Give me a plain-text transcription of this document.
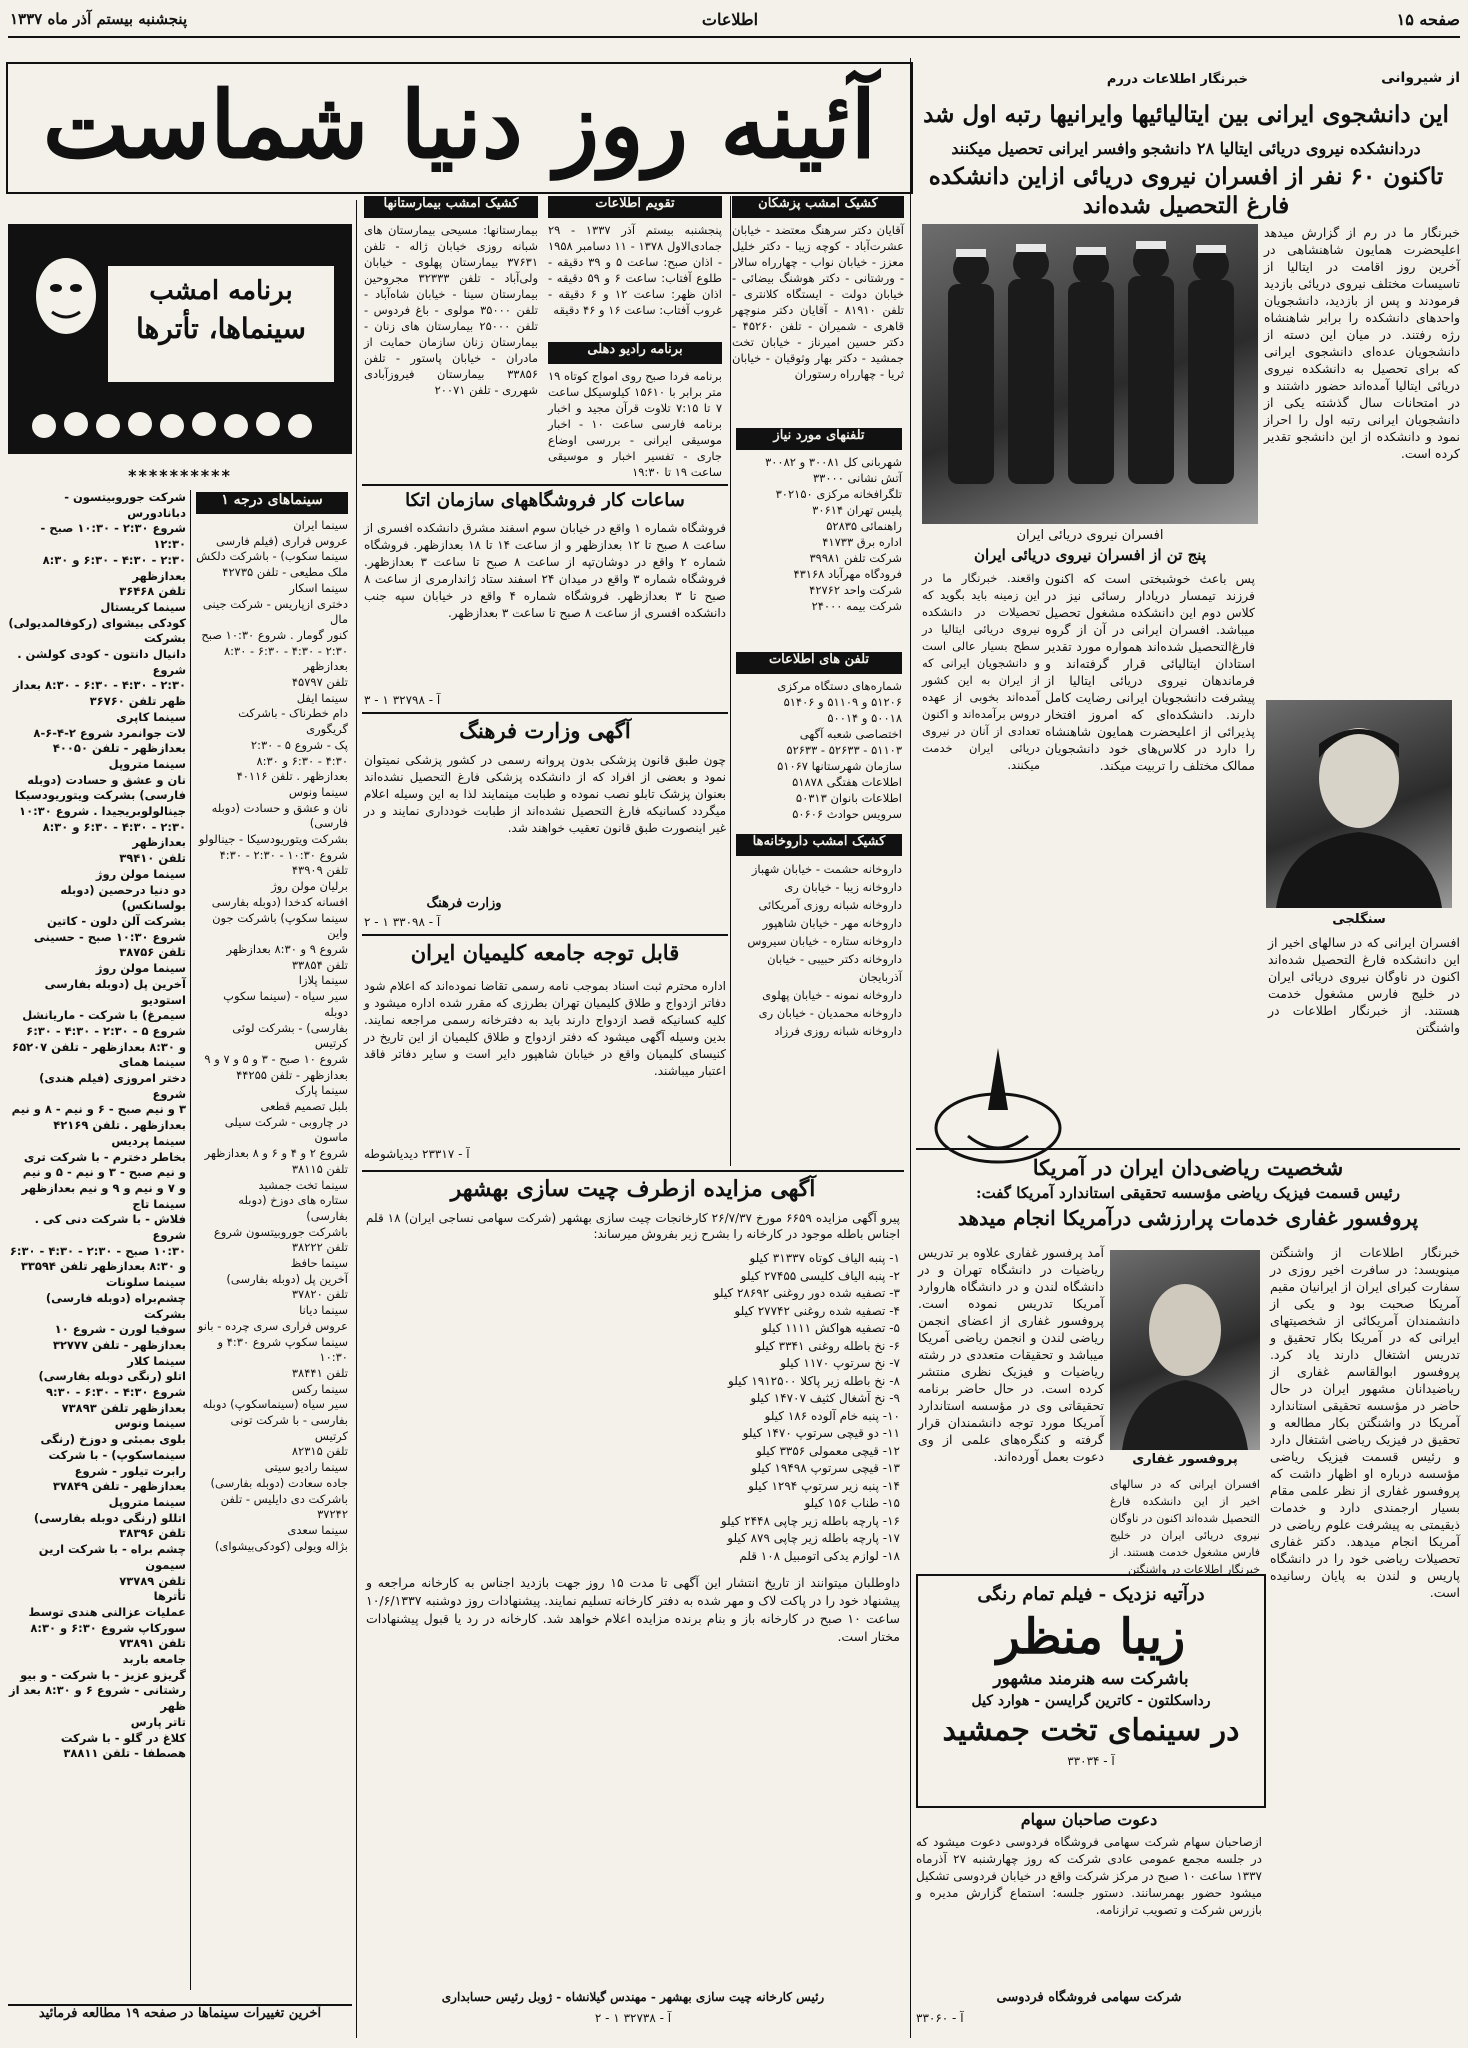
صفحه ۱۵
اطلاعات
پنجشنبه بیستم آذر ماه ۱۳۳۷
آئینه روز دنیا شماست	از شیروانی
خبرنگار اطلاعات دررم
این دانشجوی ایرانی بین ایتالیائیها وایرانیها رتبه اول شد
دردانشکده نیروی دریائی ایتالیا ۲۸ دانشجو وافسر ایرانی تحصیل میکنند
تاکنون ۶۰ نفر از افسران نیروی دریائی ازاین دانشکده فارغ التحصیل شده‌اند
افسران نیروی دریائی ایران
پنج تن از افسران نیروی دریائی ایران
خبرنگار ما در رم از گزارش میدهد اعلیحضرت همایون شاهنشاهی در آخرین روز اقامت در ایتالیا از تاسیسات مختلف نیروی دریائی بازدید فرمودند و پس از بازدید، دانشجویان واحدهای دانشکده را برابر شاهنشاه رژه رفتند. در میان این دسته از دانشجویان عده‌ای دانشجوی ایرانی که برای تحصیل به دانشکده نیروی دریائی ایتالیا آمده‌اند حضور داشتند و در امتحانات سال گذشته یکی از دانشجویان ایرانی رتبه اول را احراز نمود و دانشکده از این دانشجو تقدیر کرده است.
پس باعث خوشبختی است که اکنون فرزند تیمسار دریادار رسائی نیز در کلاس دوم این دانشکده مشغول تحصیل میباشد. افسران ایرانی در آن از گروه فارغ‌التحصیل شده‌اند همواره مورد تقدیر استادان ایتالیائی قرار گرفته‌اند و فرماندهان نیروی دریائی ایتالیا از پیشرفت دانشجویان ایرانی رضایت کامل دارند. دانشکده‌ای که امروز افتخار پذیرائی از اعلیحضرت همایون شاهنشاه را دارد در کلاس‌های خود دانشجویان ممالک مختلف را تربیت میکند.
واقعند. خبرنگار ما در این زمینه باید بگوید که تحصیلات در دانشکده نیروی دریائی ایتالیا در سطح بسیار عالی است و دانشجویان ایرانی که از ایران به این کشور آمده‌اند بخوبی از عهده دروس برآمده‌اند و اکنون تعدادی از آنان در نیروی دریائی ایران خدمت میکنند.
سنگلجی
افسران ایرانی که در سالهای اخیر از این دانشکده فارغ التحصیل شده‌اند اکنون در ناوگان نیروی دریائی ایران در خلیج فارس مشغول خدمت هستند. از خبرنگار اطلاعات در واشنگتن
شخصیت ریاضی‌دان ایران در آمریکا
رئیس قسمت فیزیک ریاضی مؤسسه تحقیقی استاندارد آمریکا گفت:
پروفسور غفاری خدمات پرارزشی درآمریکا انجام میدهد
پروفسور غفاری
خبرنگار اطلاعات از واشنگتن مینویسد: در سافرت اخیر روزی در سفارت کبرای ایران از ایرانیان مقیم آمریکا صحبت بود و یکی از دانشمندان آمریکائی از شخصیتهای ایرانی که در آمریکا بکار تحقیق و تدریس اشتغال دارند یاد کرد. پروفسور ابوالقاسم غفاری از ریاضیدانان مشهور ایران در حال حاضر در مؤسسه تحقیقی استاندارد آمریکا در واشنگتن بکار مطالعه و تحقیق در فیزیک ریاضی اشتغال دارد و رئیس قسمت فیزیک ریاضی مؤسسه درباره او اظهار داشت که پروفسور غفاری از نظر علمی مقام بسیار ارجمندی دارد و خدمات ذیقیمتی به پیشرفت علوم ریاضی در آمریکا انجام میدهد. دکتر غفاری تحصیلات ریاضی خود را در دانشگاه پاریس و لندن به پایان رسانیده است.
آمد پرفسور غفاری علاوه بر تدریس ریاضیات در دانشگاه تهران و در دانشگاه لندن و در دانشگاه هاروارد آمریکا تدریس نموده است. پروفسور غفاری از اعضای انجمن ریاضی لندن و انجمن ریاضی آمریکا میباشد و تحقیقات متعددی در رشته ریاضیات و فیزیک نظری منتشر کرده است. در حال حاضر برنامه تحقیقاتی وی در مؤسسه استاندارد آمریکا مورد توجه دانشمندان قرار گرفته و کنگره‌های علمی از وی دعوت بعمل آورده‌اند.
افسران ایرانی که در سالهای اخیر از این دانشکده فارغ التحصیل شده‌اند اکنون در ناوگان نیروی دریائی ایران در خلیج فارس مشغول خدمت هستند. از خبرنگار اطلاعات در واشنگتن
درآتیه نزدیک - فیلم تمام رنگی
زیبا منظر
باشرکت سه هنرمند مشهور
رداسکلتون - کاترین گرایسن - هوارد کیل
در سینمای تخت جمشید
آ - ۳۳۰۳۴
دعوت صاحبان سهام
ازصاحبان سهام شرکت سهامی فروشگاه فردوسی دعوت میشود که در جلسه مجمع عمومی عادی شرکت که روز چهارشنبه ۲۷ آذرماه ۱۳۳۷ ساعت ۱۰ صبح در مرکز شرکت واقع در خیابان فردوسی تشکیل میشود حضور بهمرسانند. دستور جلسه: استماع گزارش مدیره و بازرس شرکت و تصویب ترازنامه.
شرکت سهامی فروشگاه فردوسی
آ - ۳۳۰۶۰
برنامه امشب
سینماها، تأترها
**********
سینماهای درجه ۱
شرکت جوروبیتسون - دبانادورس
شروع ۲:۳۰ - ۱۰:۳۰ صبح - ۱۲:۳۰
۲:۳۰ - ۴:۳۰ - ۶:۳۰ و ۸:۳۰ بعدازظهر
تلفن ۳۶۴۶۸
سینما کریستال
کودکی بیشوای (رکوفالمدیولی) بشرکت
دانیال دانتون - کودی کولشن . شروع
۲:۳۰ - ۴:۳۰ - ۶:۳۰ - ۸:۳۰ بعداز
ظهر تلفن ۳۶۷۶۰
سینما کاپری
لات جوانمرد شروع ۲-۴-۶-۸
بعدازظهر - تلفن ۴۰۰۵۰
سینما متروپل
نان و عشق و حسادت (دوبله
فارسی) بشرکت ویتوریودسیکا
جینالولوبریجیدا . شروع ۱۰:۳۰
۲:۳۰ - ۴:۳۰ - ۶:۳۰ و ۸:۳۰ بعدازظهر
تلفن ۳۹۴۱۰
سینما مولن روژ
دو دنیا درحصین (دوبله بولسانکس)
بشرکت آلن دلون - کاتین
شروع ۱۰:۳۰ صبح - حسینی
تلفن ۳۸۷۵۶
سینما مولن روژ
آخرین پل (دوبله بفارسی استودیو
سیمرغ) با شرکت - ماریانشل
شروع ۵ - ۲:۳۰ - ۴:۳۰ - ۶:۳۰
و ۸:۳۰ بعدازظهر - تلفن ۶۵۲۰۷
سینما همای
دختر امروزی (فیلم هندی) شروع
۳ و نیم صبح - ۶ و نیم - ۸ و نیم
بعدازظهر . تلفن ۴۲۱۶۹
سینما پردیس
بخاطر دخترم - با شرکت تری
و نیم صبح - ۳ و نیم - ۵ و نیم
و ۷ و نیم و ۹ و نیم بعدازظهر
سینما تاج
فلاش - با شرکت دنی کی . شروع
۱۰:۳۰ صبح - ۲:۳۰ - ۴:۳۰ - ۶:۳۰
و ۸:۳۰ بعدازظهر تلفن ۳۳۵۹۴
سینما سلونات
چشم‌براه (دوبله فارسی) بشرکت
سوفیا لورن - شروع ۱۰
بعدازظهر - تلفن ۳۲۷۷۷
سینما کلار
اتلو (رنگی دوبله بفارسی)
شروع ۴:۳۰ - ۶:۳۰ - ۹:۳۰
بعدازظهر تلفن ۷۳۸۹۳
سینما ونوس
بلوی بمبئی و دوزخ (رنگی
سینماسکوپ) - با شرکت
رابرت تیلور - شروع
بعدازظهر - تلفن ۳۷۸۴۹
سینما متروپل
اتللو (رنگی دوبله بفارسی)
تلفن ۳۸۳۹۶
چشم براه - با شرکت ارین سیمون
تلفن ۷۳۷۸۹
تأترها
عملیات عزالنی هندی توسط
سورکاپ شروع ۶:۳۰ و ۸:۳۰
تلفن ۷۳۸۹۱
جامعه باربد
گریزو عزیز - با شرکت - و بیو
رشتانی - شروع ۶ و ۸:۳۰ بعد از ظهر
تاتر پارس
کلاغ در گلو - با شرکت
هصطفا - تلفن ۳۸۸۱۱
سینما ایران
عروس فراری (فیلم فارسی
سینما سکوب) - باشرکت دلکش
ملک مطیعی - تلفن ۴۲۷۳۵
سینما اسکار
دختری ازپاریس - شرکت جینی مال
کنور گومار . شروع ۱۰:۳۰ صبح
۲:۳۰ - ۴:۳۰ - ۶:۳۰ - ۸:۳۰ بعدازظهر
تلفن ۴۵۷۹۷
سینما ایفل
دام خطرناک - باشرکت گریگوری
پک - شروع ۵ - ۲:۳۰
۴:۳۰ - ۶:۳۰ و ۸:۳۰
بعدازظهر . تلفن ۴۰۱۱۶
سینما ونوس
نان و عشق و حسادت (دوبله فارسی)
بشرکت ویتوریودسیکا - جینالولو
شروع ۱۰:۳۰ - ۲:۳۰ - ۴:۳۰
تلفن ۴۳۹۰۹
برلیان مولن روژ
افسانه کدخدا (دوبله بفارسی
سینما سکوپ) باشرکت جون واین
شروع ۹ و ۸:۳۰ بعدازظهر
تلفن ۳۳۸۵۴
سینما پلازا
سیر سیاه - (سینما سکوپ دوبله
بفارسی) - بشرکت لوئی کرتیس
شروع ۱۰ صبح - ۳ و ۵ و ۷ و ۹
بعدازظهر - تلفن ۴۴۲۵۵
سینما پارک
بلبل تصمیم قطعی
در چاروبی - شرکت سیلی ماسون
شروع ۲ و ۴ و ۶ و ۸ بعدازظهر
تلفن ۳۸۱۱۵
سینما تخت جمشید
ستاره های دوزخ (دوبله بفارسی)
باشرکت جوروبیتسون شروع
تلفن ۳۸۲۲۲
سینما حافظ
آخرین پل (دوبله بفارسی)
تلفن ۳۷۸۲۰
سینما دیانا
عروس فراری سری چرده - بانو
سینما سکوپ شروع ۴:۳۰ و ۱۰:۳۰
تلفن ۳۸۴۴۱
سینما رکس
سیر سیاه (سینماسکوپ) دوبله
بفارسی - با شرکت تونی کرتیس
تلفن ۸۲۳۱۵
سینما رادیو سیتی
جاده سعادت (دوبله بفارسی)
باشرکت دی دایلیس - تلفن ۳۷۲۴۲
سینما سعدی
بژاله ویولی (کودکی‌بیشوای)
آخرین تغییرات سینماها در صفحه ۱۹ مطالعه فرمائید
کشیک امشب بیمارستانها
بیمارستانها: مسیحی بیمارستان های شبانه روزی خیابان ژاله - تلفن ۳۷۶۳۱ بیمارستان پهلوی - خیابان ولی‌آباد - تلفن ۳۲۳۳۳ مجروحین بیمارستان سینا - خیابان شاه‌آباد - تلفن ۳۵۰۰۰ مولوی - باغ فردوس - تلفن ۲۵۰۰۰ بیمارستان های زنان - بیمارستان زنان سازمان حمایت از مادران - خیابان پاستور - تلفن ۳۳۸۵۶ بیمارستان فیروزآبادی شهرری - تلفن ۲۰۰۷۱
تقویم اطلاعات
پنجشنبه بیستم آذر ۱۳۳۷ - ۲۹ جمادی‌الاول ۱۳۷۸ - ۱۱ دسامبر ۱۹۵۸ - اذان صبح: ساعت ۵ و ۳۹ دقیقه - طلوع آفتاب: ساعت ۶ و ۵۹ دقیقه - اذان ظهر: ساعت ۱۲ و ۶ دقیقه - غروب آفتاب: ساعت ۱۶ و ۴۶ دقیقه
برنامه رادیو دهلی
برنامه فردا صبح روی امواج کوتاه ۱۹ متر برابر با ۱۵۶۱۰ کیلوسیکل ساعت ۷ تا ۷:۱۵ تلاوت قرآن مجید و اخبار برنامه فارسی ساعت ۱۰ - اخبار موسیقی ایرانی - بررسی اوضاع جاری - تفسیر اخبار و موسیقی ساعت ۱۹ تا ۱۹:۳۰
کشیک امشب پزشکان
آقایان دکتر سرهنگ معتضد - خیابان عشرت‌آباد - کوچه زیبا - دکتر خلیل معزز - خیابان نواب - چهارراه سالار - ورشتانی - دکتر هوشنگ بیضائی - خیابان دولت - ایستگاه کلانتری - تلفن ۸۱۹۱۰ - آقایان دکتر منوچهر قاهری - شمیران - تلفن ۴۵۲۶۰ - دکتر حسین امیرناز - خیابان تخت جمشید - دکتر بهار وثوقیان - خیابان ثریا - چهارراه رستوران
ساعات کار فروشگاههای سازمان اتکا
فروشگاه شماره ۱ واقع در خیابان سوم اسفند مشرق دانشکده افسری از ساعت ۸ صبح تا ۱۲ بعدازظهر و از ساعت ۱۴ تا ۱۸ بعدازظهر. فروشگاه شماره ۲ واقع در دوشان‌تپه از ساعت ۸ صبح تا ساعت ۳ بعدازظهر. فروشگاه شماره ۳ واقع در میدان ۲۴ اسفند ستاد ژاندارمری از ساعت ۸ صبح تا ۳ بعدازظهر. فروشگاه شماره ۴ واقع در خیابان سپه جنب دانشکده افسری از ساعت ۸ صبح تا ساعت ۳ بعدازظهر.
آ - ۳۲۷۹۸ ۱ - ۳
آگهی وزارت فرهنگ
چون طبق قانون پزشکی بدون پروانه رسمی در کشور پزشکی نمیتوان نمود و بعضی از افراد که از دانشکده پزشکی فارغ التحصیل نشده‌اند بعنوان پزشک تابلو نصب نموده و طبابت مینمایند لذا به این وسیله اعلام میگردد کسانیکه فارغ التحصیل نشده‌اند از طبابت خودداری نمایند و در غیر اینصورت طبق قانون تعقیب خواهند شد.
وزارت فرهنگ
آ - ۳۳۰۹۸ ۱ - ۲
قابل توجه جامعه کلیمیان ایران
اداره محترم ثبت اسناد بموجب نامه رسمی تقاضا نموده‌اند که اعلام شود دفاتر ازدواج و طلاق کلیمیان تهران بطرزی که مقرر شده اداره میشود و کلیه کسانیکه قصد ازدواج دارند باید به دفترخانه رسمی مراجعه نمایند. بدین وسیله آگهی میشود که دفتر ازدواج و طلاق کلیمیان از این تاریخ در کنیسای کلیمیان واقع در خیابان شاهپور دایر است و سایر دفاتر فاقد اعتبار میباشند.
آ - ۲۳۳۱۷ دیدیاشوطه
تلفنهای مورد نیاز
شهربانی کل ۳۰۰۸۱ و ۳۰۰۸۲
آتش نشانی ۳۳۰۰۰
تلگرافخانه مرکزی ۳۰۲۱۵۰
پلیس تهران ۳۰۶۱۴
راهنمائی ۵۲۸۳۵
اداره برق ۴۱۷۳۳
شرکت تلفن ۳۹۹۸۱
فرودگاه مهرآباد ۴۳۱۶۸
شرکت واحد ۴۲۷۶۲
شرکت بیمه ۲۴۰۰۰
تلفن های اطلاعات
شماره‌های دستگاه مرکزی
۵۱۲۰۶ و ۵۱۱۰۹ و ۵۱۴۰۶
۵۰۰۱۸ و ۵۰۰۱۴
اختصاصی شعبه آگهی
۵۱۱۰۳ - ۵۲۶۳۳ - ۵۲۶۳۳
سازمان شهرستانها ۵۱۰۶۷
اطلاعات هفتگی ۵۱۸۷۸
اطلاعات بانوان ۵۰۳۱۳
سرویس حوادث ۵۰۶۰۶
کشیک امشب داروخانه‌ها
داروخانه حشمت - خیابان شهباز
داروخانه زیبا - خیابان ری
داروخانه شبانه روزی آمریکائی
داروخانه مهر - خیابان شاهپور
داروخانه ستاره - خیابان سیروس
داروخانه دکتر حبیبی - خیابان آذربایجان
داروخانه نمونه - خیابان پهلوی
داروخانه محمدیان - خیابان ری
داروخانه شبانه روزی فرزاد
آگهی مزایده ازطرف چیت سازی بهشهر
پیرو آگهی مزایده ۶۶۵۹ مورخ ۲۶/۷/۳۷ کارخانجات چیت سازی بهشهر (شرکت سهامی نساجی ایران) ۱۸ قلم اجناس باطله موجود در کارخانه را بشرح زیر بفروش میرساند:
۱- پنبه الیاف کوتاه ۳۱۳۳۷ کیلو
۲- پنبه الیاف کلیسی ۲۷۴۵۵ کیلو
۳- تصفیه شده دور روغنی ۲۸۶۹۲ کیلو
۴- تصفیه شده روغنی ۲۷۷۴۲ کیلو
۵- تصفیه هواکش ۱۱۱۱ کیلو
۶- نخ باطله روغنی ۳۳۴۱ کیلو
۷- نخ سرتوپ ۱۱۷۰ کیلو
۸- نخ باطله زیر پاکلا ۱۹۱۲۵۰۰ کیلو
۹- نخ آشغال کثیف ۱۴۷۰۷ کیلو
۱۰- پنبه خام آلوده ۱۸۶ کیلو
۱۱- دو قیچی سرتوپ ۱۴۷۰ کیلو
۱۲- قیچی معمولی ۳۳۵۶ کیلو
۱۳- قیچی سرتوپ ۱۹۴۹۸ کیلو
۱۴- پنبه زیر سرتوپ ۱۲۹۴ کیلو
۱۵- طناب ۱۵۶ کیلو
۱۶- پارچه باطله زیر چاپی ۲۴۴۸ کیلو
۱۷- پارچه باطله زیر چاپی ۸۷۹ کیلو
۱۸- لوازم یدکی اتومبیل ۱۰۸ قلم
داوطلبان میتوانند از تاریخ انتشار این آگهی تا مدت ۱۵ روز جهت بازدید اجناس به کارخانه مراجعه و پیشنهاد خود را در پاکت لاک و مهر شده به دفتر کارخانه تسلیم نمایند. پیشنهادات روز دوشنبه ۱۰/۶/۱۳۳۷ ساعت ۱۰ صبح در کارخانه باز و بنام برنده مزایده اعلام خواهد شد. کارخانه در رد یا قبول پیشنهادات مختار است.
رئیس کارخانه چیت سازی بهشهر - مهندس گیلانشاه - ژوبل رئیس حسابداری
آ - ۳۲۷۳۸ ۱ - ۲
